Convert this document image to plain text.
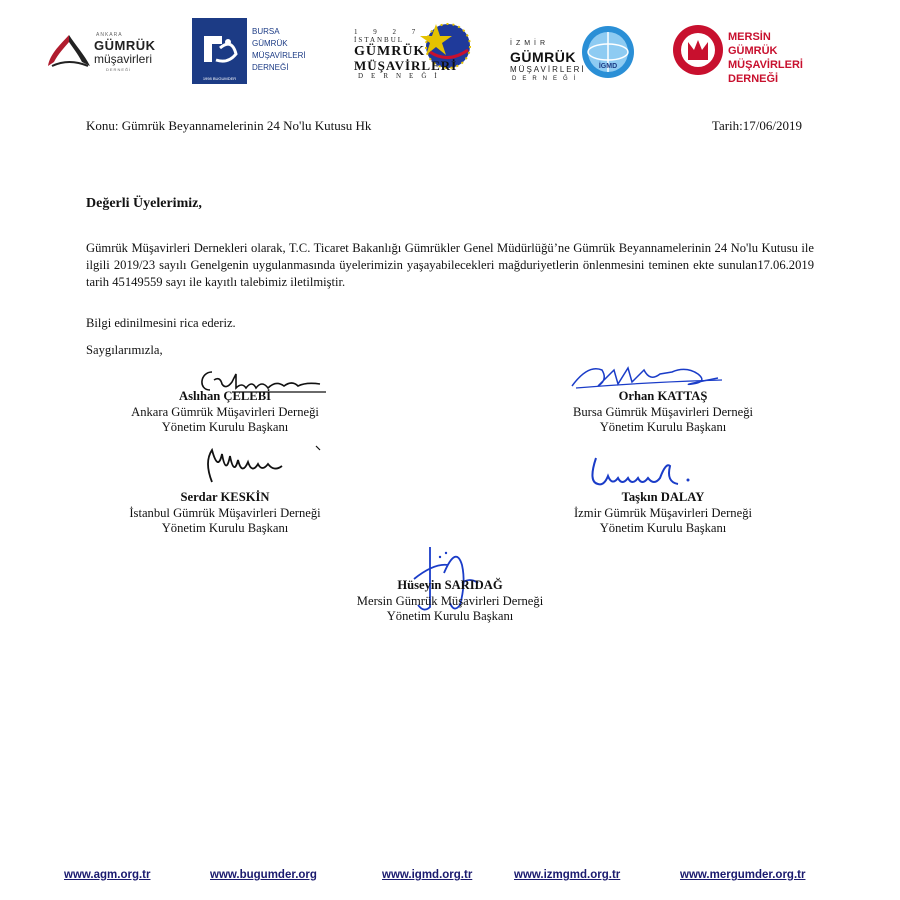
ANKARA
GÜMRÜK
müşavirleri
DERNEĞİ
1998 BUGUMDER
BURSA
GÜMRÜK
MÜŞAVİRLERİ
DERNEĞİ
1 9 2 7
İSTANBUL
GÜMRÜK
MÜŞAVİRLERİ
DERNEĞİ
İZMİR
GÜMRÜK
MÜŞAVİRLERİ
DERNEĞİ
İGMD
MERSİN
GÜMRÜK
MÜŞAVİRLERİ
DERNEĞİ
Konu: Gümrük Beyannamelerinin 24 No'lu Kutusu Hk	Tarih:17/06/2019
Değerli Üyelerimiz,

Gümrük Müşavirleri Dernekleri olarak, T.C. Ticaret Bakanlığı Gümrükler Genel Müdürlüğü’ne Gümrük Beyannamelerinin 24 No'lu Kutusu ile ilgili 2019/23 sayılı Genelgenin uygulanmasında üyelerimizin yaşayabilecekleri mağduriyetlerin önlenmesini teminen ekte sunulan17.06.2019 tarih 45149559 sayı ile kayıtlı talebimiz iletilmiştir.

Bilgi edinilmesini rica ederiz.
Saygılarımızla,
Aslıhan ÇELEBİ
Ankara Gümrük Müşavirleri Derneği
Yönetim Kurulu Başkanı
Orhan KATTAŞ
Bursa Gümrük Müşavirleri Derneği
Yönetim Kurulu Başkanı
Serdar KESKİN
İstanbul Gümrük Müşavirleri Derneği
Yönetim Kurulu Başkanı
Taşkın DALAY
İzmir Gümrük Müşavirleri Derneği
Yönetim Kurulu Başkanı
Hüseyin SARIDAĞ
Mersin Gümrük Müşavirleri Derneği
Yönetim Kurulu Başkanı
www.agm.org.tr	www.bugumder.org	www.igmd.org.tr	www.izmgmd.org.tr	www.mergumder.org.tr
